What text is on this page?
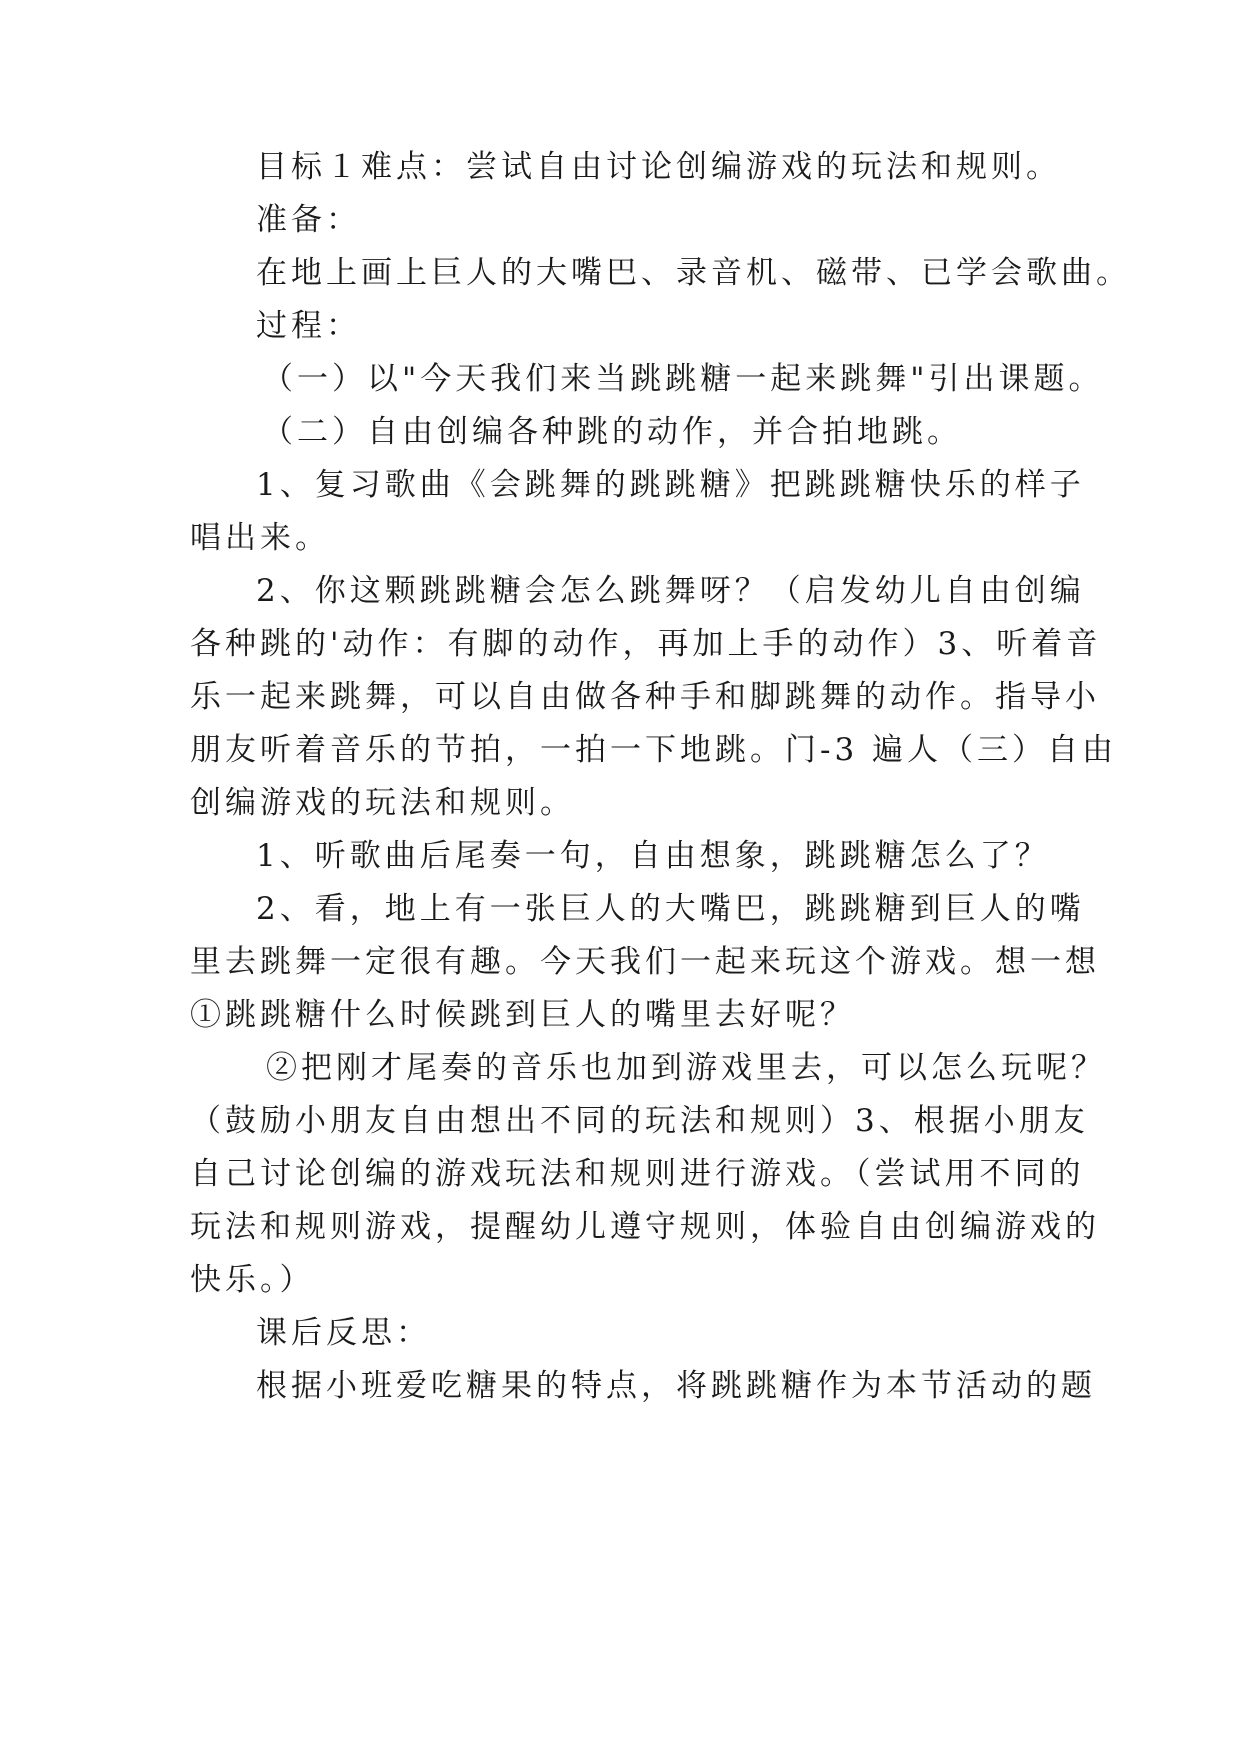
目标１难点：尝试自由讨论创编游戏的玩法和规则。
准备：
在地上画上巨人的大嘴巴、录音机、磁带、已学会歌曲。
过程：
（一）以"今天我们来当跳跳糖一起来跳舞"引出课题。
（二）自由创编各种跳的动作，并合拍地跳。
1、复习歌曲《会跳舞的跳跳糖》把跳跳糖快乐的样子
唱出来。
2、你这颗跳跳糖会怎么跳舞呀？（启发幼儿自由创编
各种跳的'动作：有脚的动作，再加上手的动作）3、听着音
乐一起来跳舞，可以自由做各种手和脚跳舞的动作。指导小
朋友听着音乐的节拍，一拍一下地跳。门-3 遍人（三）自由
创编游戏的玩法和规则。
1、听歌曲后尾奏一句，自由想象，跳跳糖怎么了？
2、看，地上有一张巨人的大嘴巴，跳跳糖到巨人的嘴
里去跳舞一定很有趣。今天我们一起来玩这个游戏。想一想
①跳跳糖什么时候跳到巨人的嘴里去好呢？
②把刚才尾奏的音乐也加到游戏里去，可以怎么玩呢？
（鼓励小朋友自由想出不同的玩法和规则）3、根据小朋友
自己讨论创编的游戏玩法和规则进行游戏。（尝试用不同的
玩法和规则游戏，提醒幼儿遵守规则，体验自由创编游戏的
快乐。）
课后反思：
根据小班爱吃糖果的特点，将跳跳糖作为本节活动的题
